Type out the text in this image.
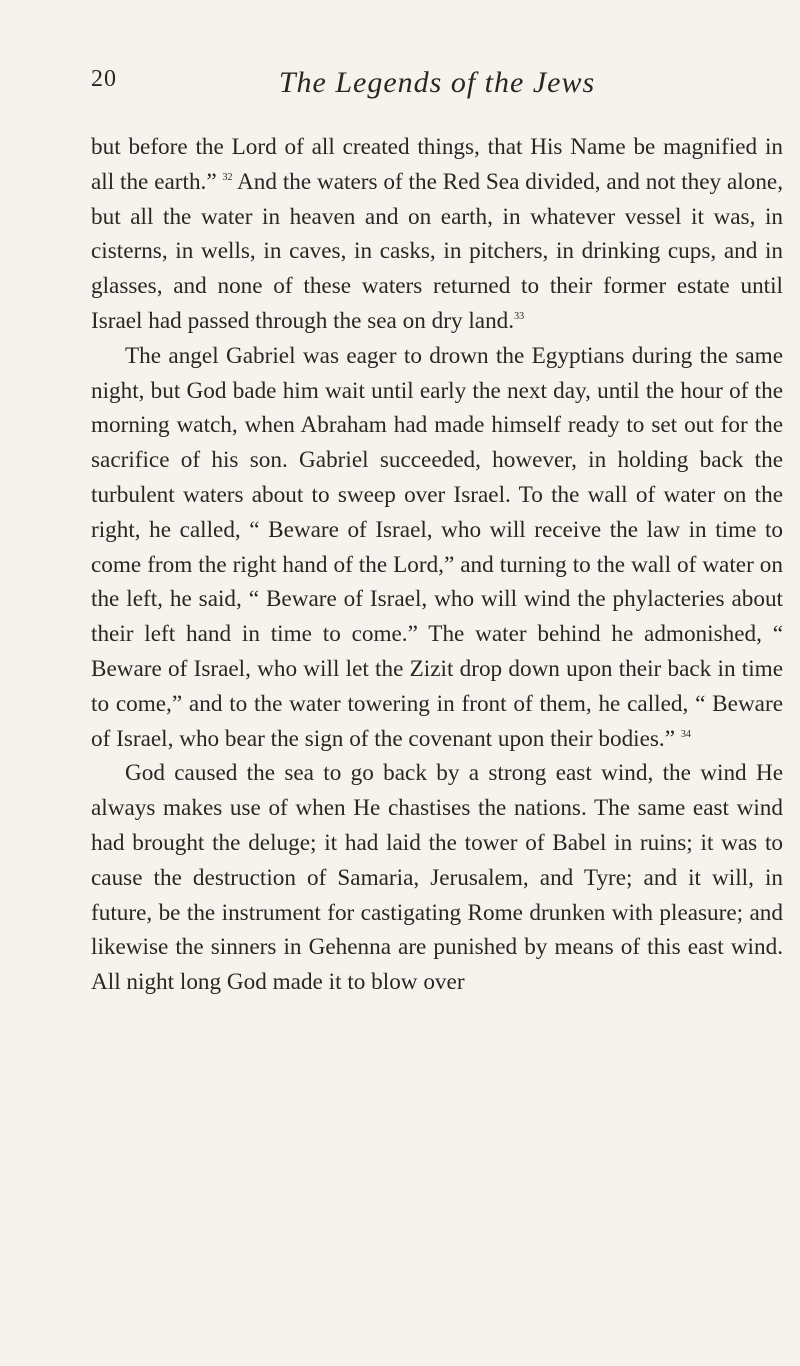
20	The Legends of the Jews

but before the Lord of all created things, that His Name be magnified in all the earth.” $^{32}$ And the waters of the Red Sea divided, and not they alone, but all the water in heaven and on earth, in whatever vessel it was, in cisterns, in wells, in caves, in casks, in pitchers, in drinking cups, and in glasses, and none of these waters returned to their former estate until Israel had passed through the sea on dry land.$^{33}$

The angel Gabriel was eager to drown the Egyptians during the same night, but God bade him wait until early the next day, until the hour of the morning watch, when Abraham had made himself ready to set out for the sacrifice of his son. Gabriel succeeded, however, in holding back the turbulent waters about to sweep over Israel. To the wall of water on the right, he called, “ Beware of Israel, who will receive the law in time to come from the right hand of the Lord,” and turning to the wall of water on the left, he said, “ Beware of Israel, who will wind the phylacteries about their left hand in time to come.” The water behind he admonished, “ Beware of Israel, who will let the Zizit drop down upon their back in time to come,” and to the water towering in front of them, he called, “ Beware of Israel, who bear the sign of the covenant upon their bodies.” $^{34}$

God caused the sea to go back by a strong east wind, the wind He always makes use of when He chastises the nations. The same east wind had brought the deluge; it had laid the tower of Babel in ruins; it was to cause the destruction of Samaria, Jerusalem, and Tyre; and it will, in future, be the instrument for castigating Rome drunken with pleasure; and likewise the sinners in Gehenna are punished by means of this east wind. All night long God made it to blow over
